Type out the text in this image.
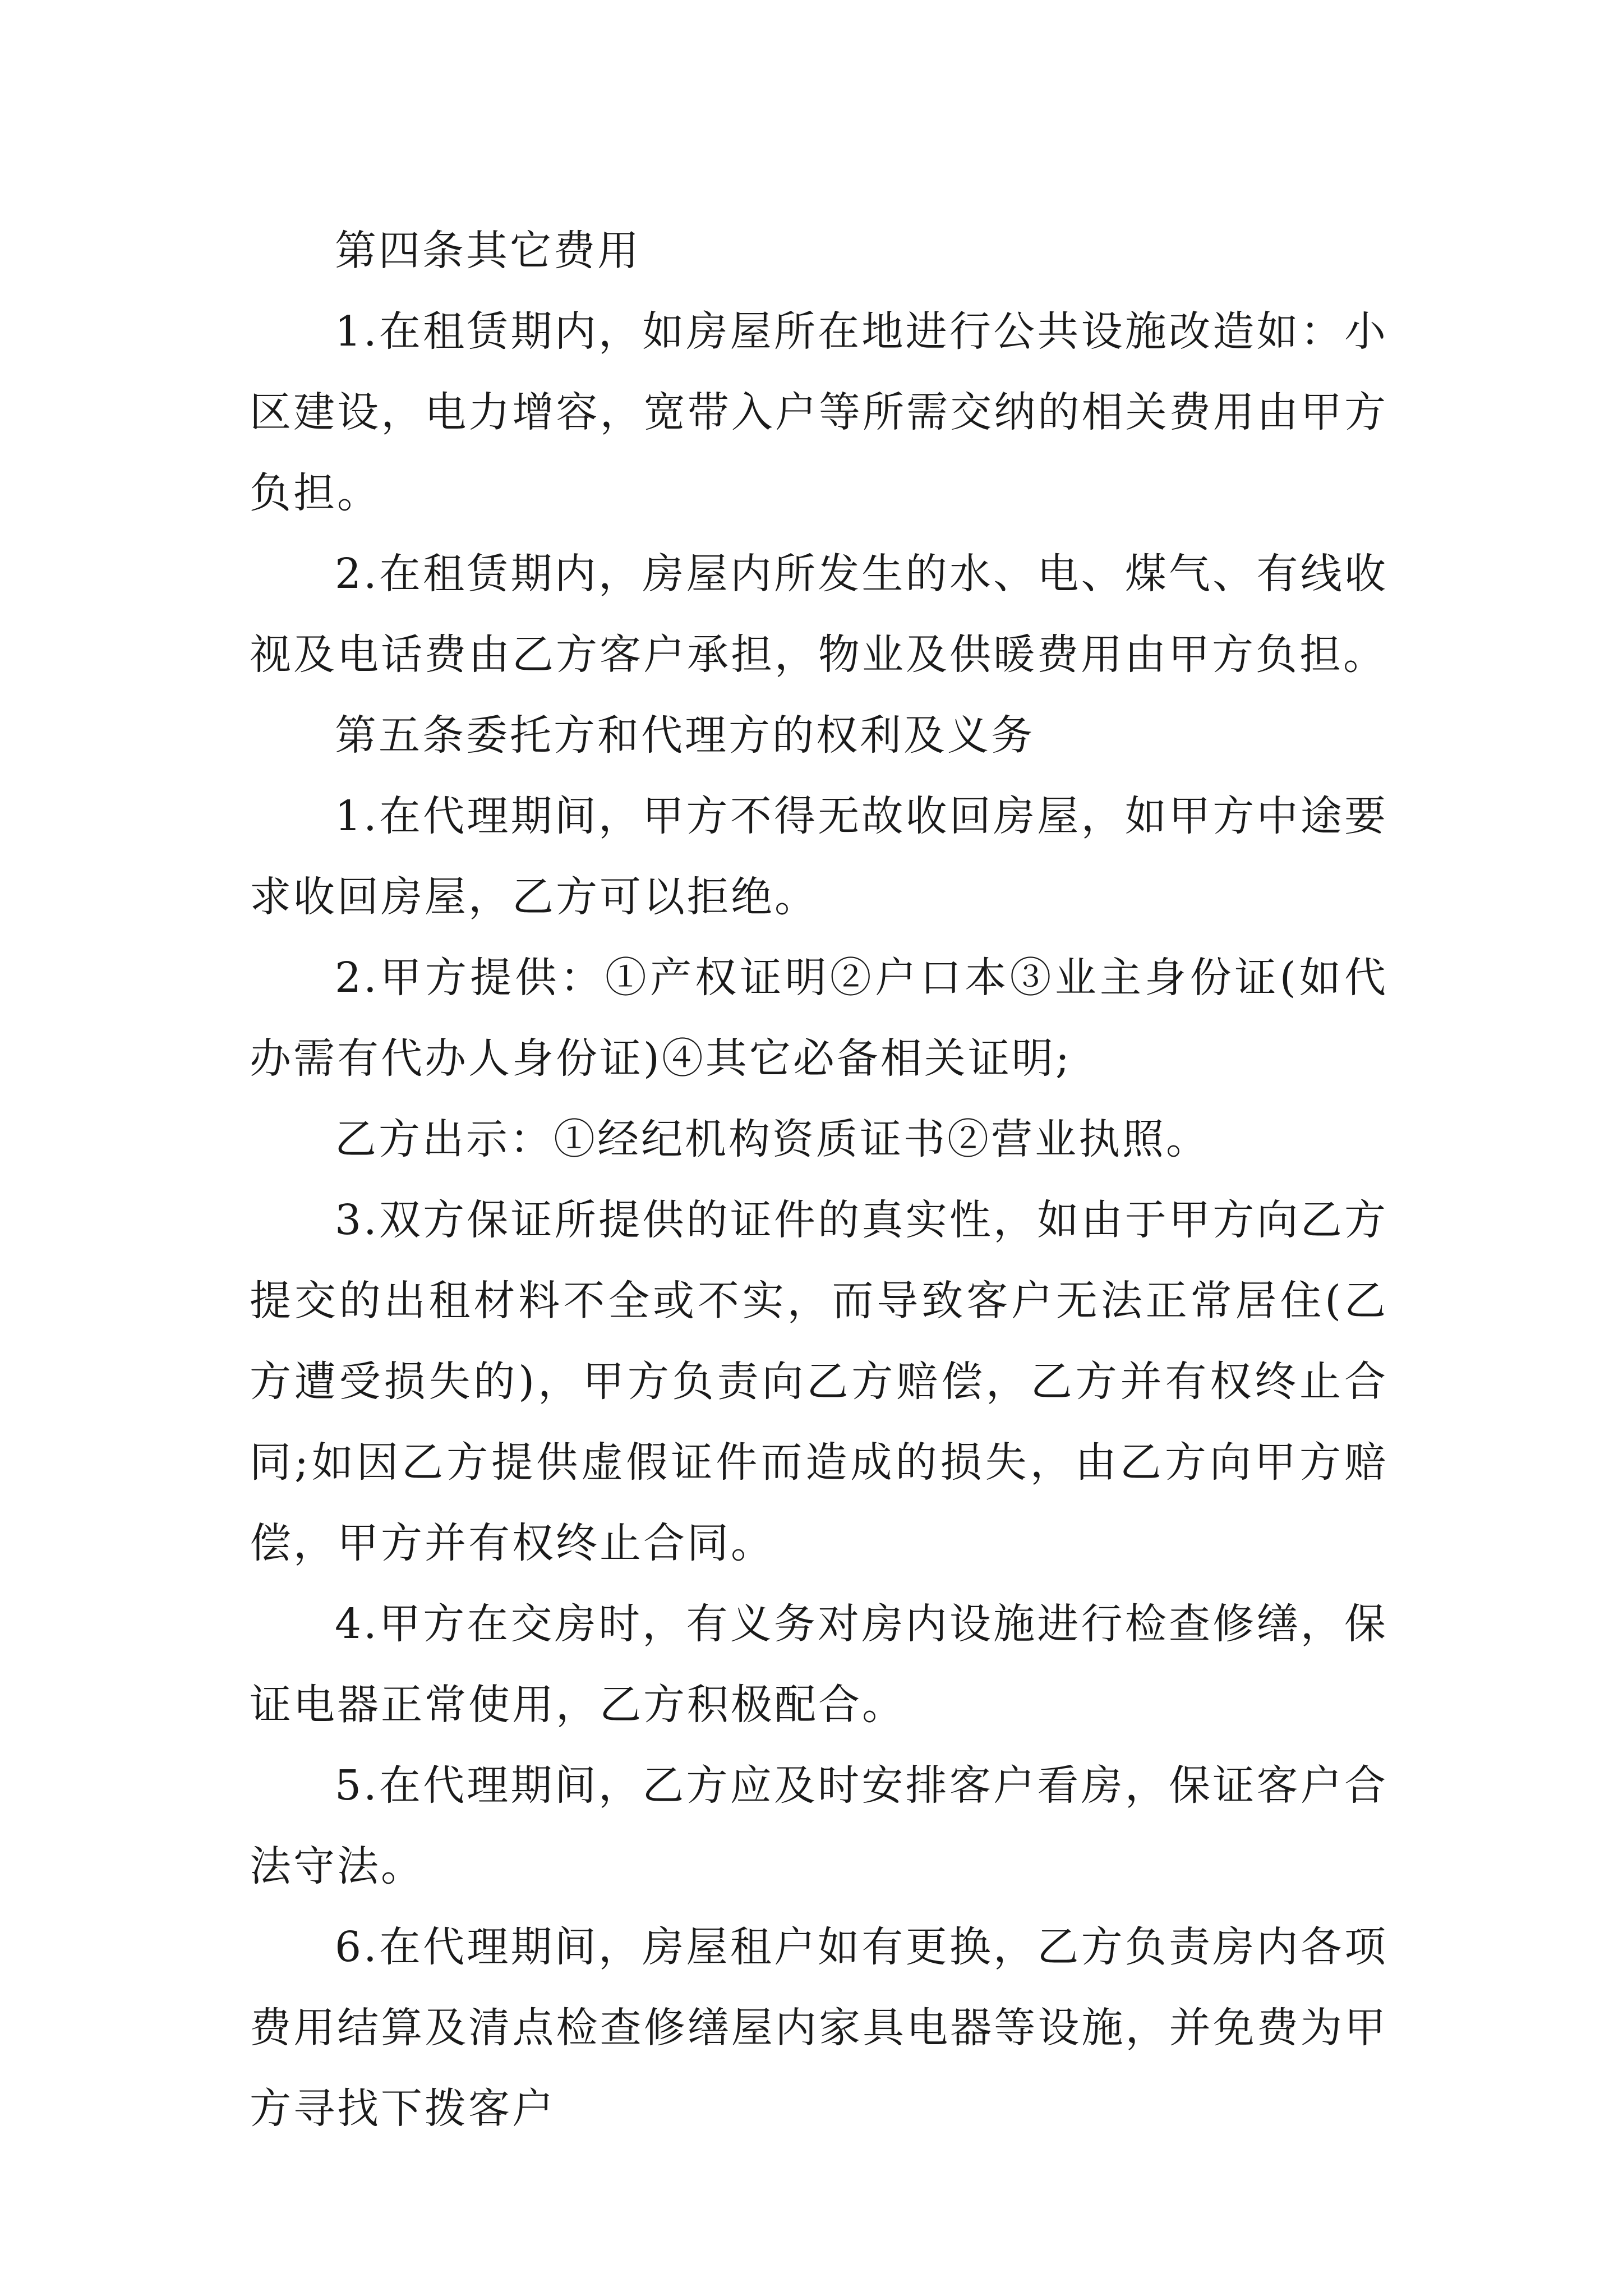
第四条其它费用

1.在租赁期内，如房屋所在地进行公共设施改造如：小区建设，电力增容，宽带入户等所需交纳的相关费用由甲方负担。

2.在租赁期内，房屋内所发生的水、电、煤气、有线收视及电话费由乙方客户承担，物业及供暖费用由甲方负担。

第五条委托方和代理方的权利及义务

1.在代理期间，甲方不得无故收回房屋，如甲方中途要求收回房屋，乙方可以拒绝。

2.甲方提供：①产权证明②户口本③业主身份证(如代办需有代办人身份证)④其它必备相关证明;

乙方出示：①经纪机构资质证书②营业执照。

3.双方保证所提供的证件的真实性，如由于甲方向乙方提交的出租材料不全或不实，而导致客户无法正常居住(乙方遭受损失的)，甲方负责向乙方赔偿，乙方并有权终止合同;如因乙方提供虚假证件而造成的损失，由乙方向甲方赔偿，甲方并有权终止合同。

4.甲方在交房时，有义务对房内设施进行检查修缮，保证电器正常使用，乙方积极配合。

5.在代理期间，乙方应及时安排客户看房，保证客户合法守法。

6.在代理期间，房屋租户如有更换，乙方负责房内各项费用结算及清点检查修缮屋内家具电器等设施，并免费为甲方寻找下拨客户
